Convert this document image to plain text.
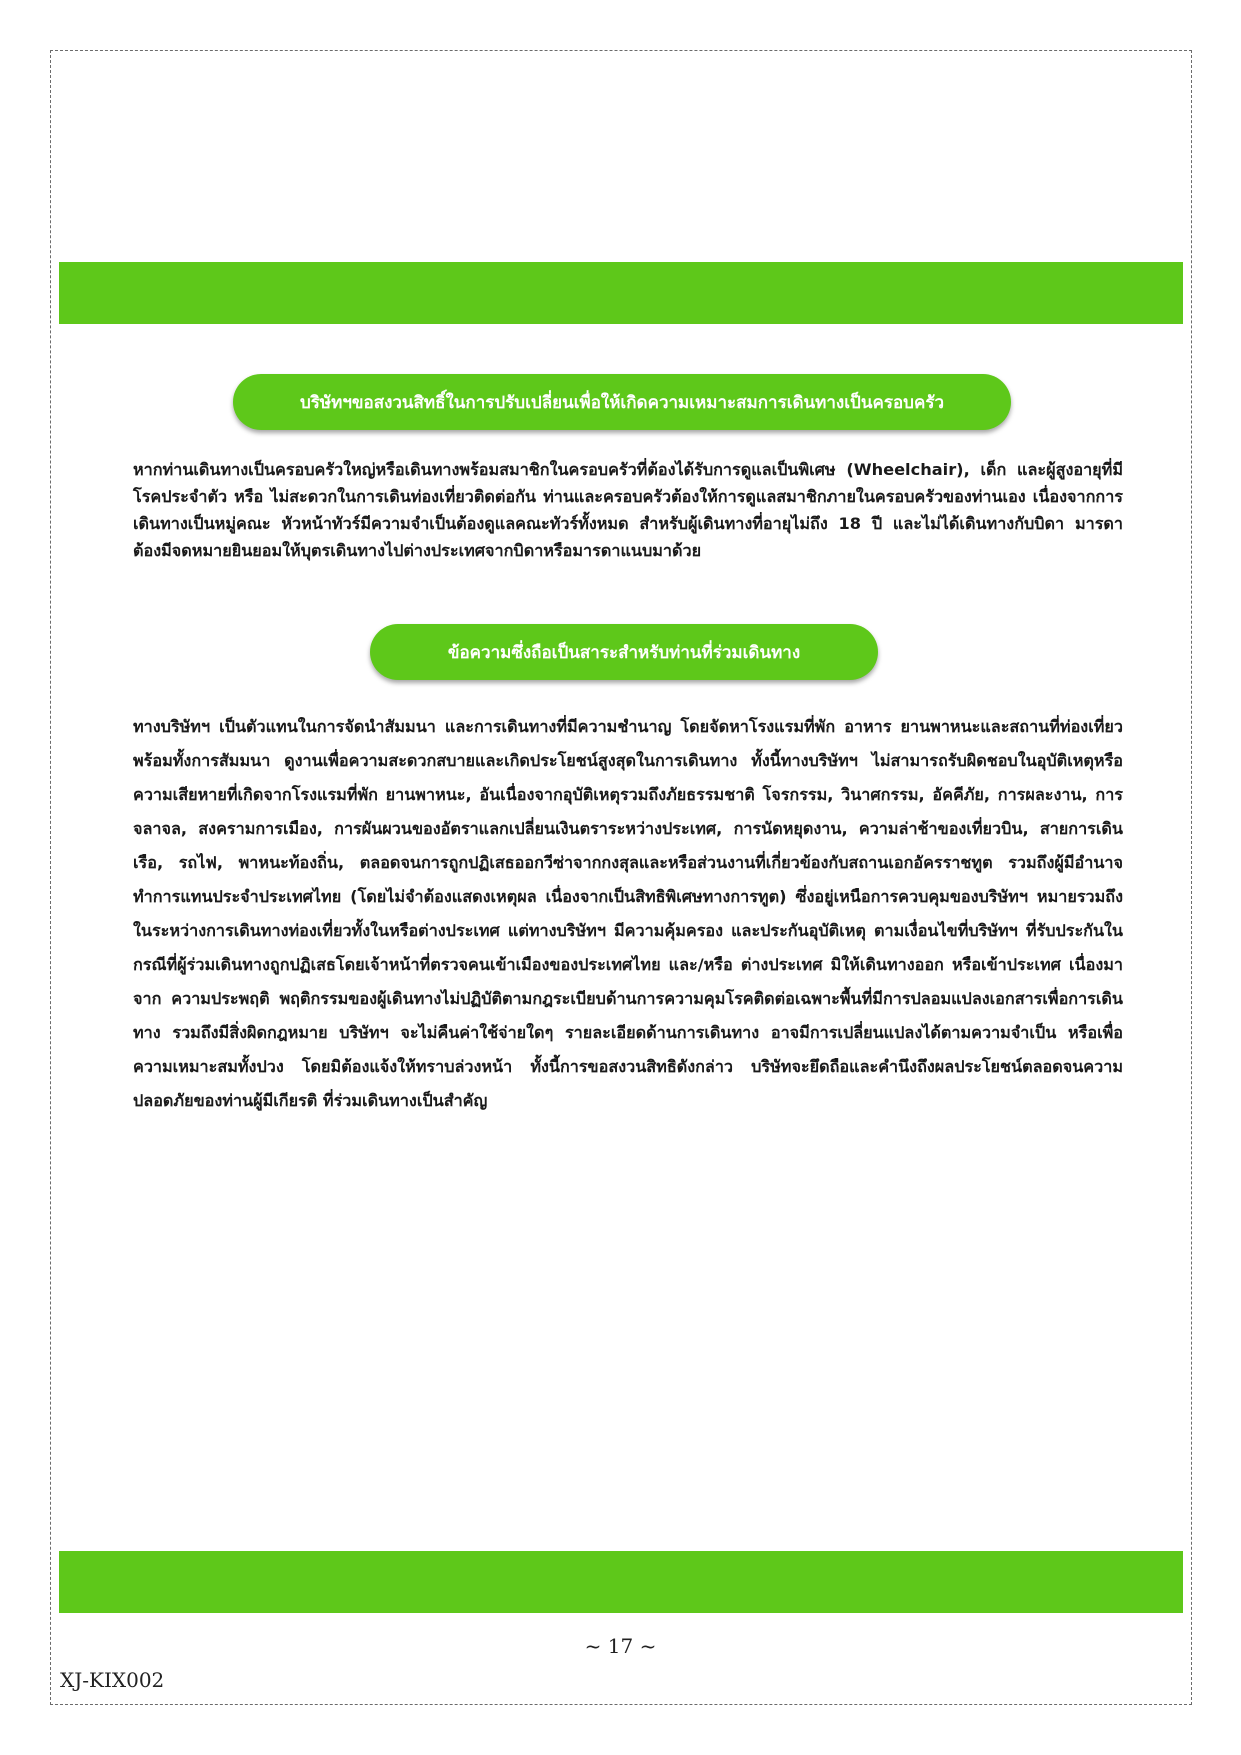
บริษัทฯขอสงวนสิทธิ์ในการปรับเปลี่ยนเพื่อให้เกิดความเหมาะสมการเดินทางเป็นครอบครัว

หากท่านเดินทางเป็นครอบครัวใหญ่หรือเดินทางพร้อมสมาชิกในครอบครัวที่ต้องได้รับการดูแลเป็นพิเศษ (Wheelchair), เด็ก และผู้สูงอายุที่มีโรคประจำตัว หรือ ไม่สะดวกในการเดินท่องเที่ยวติดต่อกัน ท่านและครอบครัวต้องให้การดูแลสมาชิกภายในครอบครัวของท่านเอง เนื่องจากการเดินทางเป็นหมู่คณะ หัวหน้าทัวร์มีความจำเป็นต้องดูแลคณะทัวร์ทั้งหมด สำหรับผู้เดินทางที่อายุไม่ถึง 18 ปี และไม่ได้เดินทางกับบิดา มารดา ต้องมีจดหมายยินยอมให้บุตรเดินทางไปต่างประเทศจากบิดาหรือมารดาแนบมาด้วย

ข้อความซึ่งถือเป็นสาระสำหรับท่านที่ร่วมเดินทาง

ทางบริษัทฯ เป็นตัวแทนในการจัดนำสัมมนา และการเดินทางที่มีความชำนาญ โดยจัดหาโรงแรมที่พัก อาหาร ยานพาหนะและสถานที่ท่องเที่ยวพร้อมทั้งการสัมมนา ดูงานเพื่อความสะดวกสบายและเกิดประโยชน์สูงสุดในการเดินทาง ทั้งนี้ทางบริษัทฯ ไม่สามารถรับผิดชอบในอุบัติเหตุหรือความเสียหายที่เกิดจากโรงแรมที่พัก ยานพาหนะ, อันเนื่องจากอุบัติเหตุรวมถึงภัยธรรมชาติ โจรกรรม, วินาศกรรม, อัคคีภัย, การผละงาน, การจลาจล, สงครามการเมือง, การผันผวนของอัตราแลกเปลี่ยนเงินตราระหว่างประเทศ, การนัดหยุดงาน, ความล่าช้าของเที่ยวบิน, สายการเดินเรือ, รถไฟ, พาหนะท้องถิ่น, ตลอดจนการถูกปฏิเสธออกวีซ่าจากกงสุลและหรือส่วนงานที่เกี่ยวข้องกับสถานเอกอัครราชทูต รวมถึงผู้มีอำนาจทำการแทนประจำประเทศไทย (โดยไม่จำต้องแสดงเหตุผล เนื่องจากเป็นสิทธิพิเศษทางการทูต) ซึ่งอยู่เหนือการควบคุมของบริษัทฯ หมายรวมถึงในระหว่างการเดินทางท่องเที่ยวทั้งในหรือต่างประเทศ แต่ทางบริษัทฯ มีความคุ้มครอง และประกันอุบัติเหตุ ตามเงื่อนไขที่บริษัทฯ ที่รับประกันในกรณีที่ผู้ร่วมเดินทางถูกปฏิเสธโดยเจ้าหน้าที่ตรวจคนเข้าเมืองของประเทศไทย และ/หรือ ต่างประเทศ มิให้เดินทางออก หรือเข้าประเทศ เนื่องมาจาก ความประพฤติ พฤติกรรมของผู้เดินทางไม่ปฏิบัติตามกฎระเบียบด้านการความคุมโรคติดต่อเฉพาะพื้นที่มีการปลอมแปลงเอกสารเพื่อการเดินทาง รวมถึงมีสิ่งผิดกฎหมาย บริษัทฯ จะไม่คืนค่าใช้จ่ายใดๆ รายละเอียดด้านการเดินทาง อาจมีการเปลี่ยนแปลงได้ตามความจำเป็น หรือเพื่อความเหมาะสมทั้งปวง โดยมิต้องแจ้งให้ทราบล่วงหน้า ทั้งนี้การขอสงวนสิทธิดังกล่าว บริษัทจะยึดถือและคำนึงถึงผลประโยชน์ตลอดจนความปลอดภัยของท่านผู้มีเกียรติ ที่ร่วมเดินทางเป็นสำคัญ

~ 17 ~
XJ-KIX002
